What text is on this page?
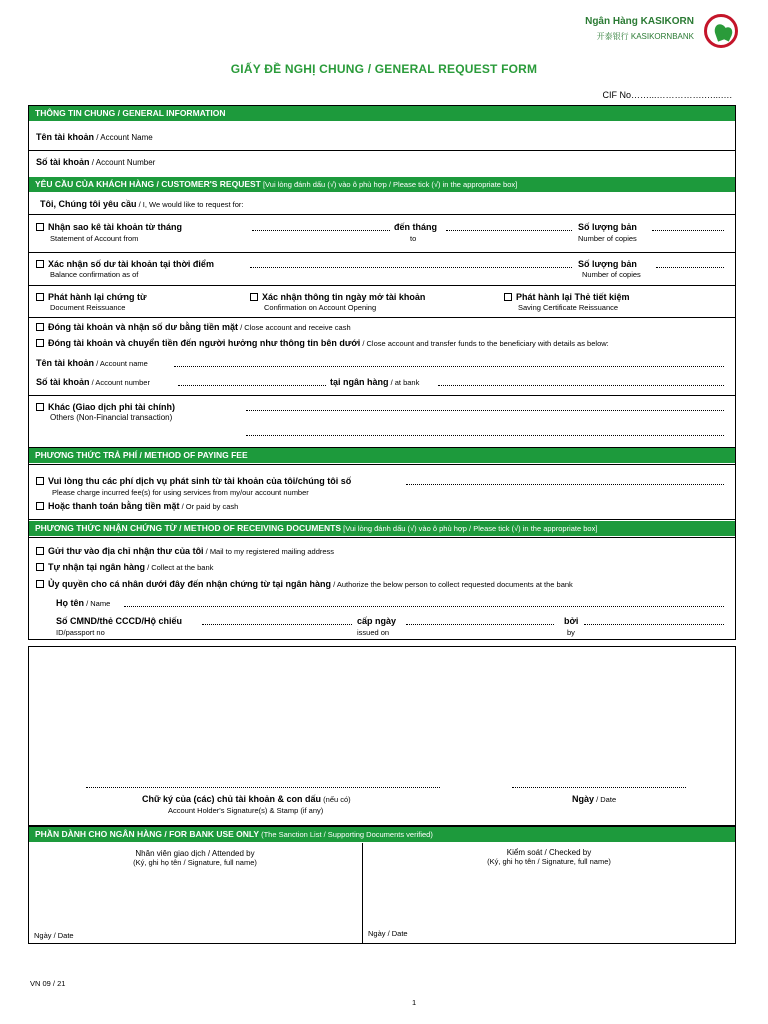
Ngân Hàng KASIKORN
开泰银行 KASIKORNBANK
GIẤY ĐỀ NGHỊ CHUNG / GENERAL REQUEST FORM
CIF No……...…………….…...….
THÔNG TIN CHUNG / GENERAL INFORMATION
Tên tài khoản / Account Name
Số tài khoản / Account Number
YÊU CẦU CỦA KHÁCH HÀNG / CUSTOMER'S REQUEST [Vui lòng đánh dấu (√) vào ô phù hợp / Please tick (√) in the appropriate box]
Tôi, Chúng tôi yêu cầu / I, We would like to request for:
Nhận sao kê tài khoản từ tháng
Statement of Account from
đến tháng
to
Số lượng bản
Number of copies
Xác nhận số dư tài khoản tại thời điểm
Balance confirmation as of
Số lượng bản
Number of copies
Phát hành lại chứng từ
Document Reissuance
Xác nhận thông tin ngày mở tài khoản
Confirmation on Account Opening
Phát hành lại Thẻ tiết kiệm
Saving Certificate Reissuance
Đóng tài khoản và nhận số dư bằng tiền mặt / Close account and receive cash
Đóng tài khoản và chuyển tiền đến người hưởng như thông tin bên dưới / Close account and transfer funds to the beneficiary with details as below:
Tên tài khoản / Account name
Số tài khoản / Account number	tại ngân hàng / at bank
Khác (Giao dịch phi tài chính)
Others (Non-Financial transaction)
PHƯƠNG THỨC TRẢ PHÍ / METHOD OF PAYING FEE
Vui lòng thu các phí dịch vụ phát sinh từ tài khoản của tôi/chúng tôi số
Please charge incurred fee(s) for using services from my/our account number
Hoặc thanh toán bằng tiền mặt / Or paid by cash
PHƯƠNG THỨC NHẬN CHỨNG TỪ / METHOD OF RECEIVING DOCUMENTS [Vui lòng đánh dấu (√) vào ô phù hợp / Please tick (√) in the appropriate box]
Gửi thư vào địa chỉ nhận thư của tôi / Mail to my registered mailing address
Tự nhận tại ngân hàng / Collect at the bank
Ủy quyền cho cá nhân dưới đây đến nhận chứng từ tại ngân hàng / Authorize the below person to collect requested documents at the bank
Họ tên / Name
Số CMND/thẻ CCCD/Hộ chiếu
ID/passport no
cấp ngày
issued on
bởi
by
Chữ ký của (các) chủ tài khoản & con dấu (nếu có)
Account Holder's Signature(s) & Stamp (if any)
Ngày / Date
PHẦN DÀNH CHO NGÂN HÀNG / FOR BANK USE ONLY (The Sanction List / Supporting Documents verified)
Nhân viên giao dịch / Attended by
(Ký, ghi họ tên / Signature, full name)
Kiểm soát / Checked by
(Ký, ghi họ tên / Signature, full name)
Ngày / Date	Ngày / Date
VN 09 / 21
1
